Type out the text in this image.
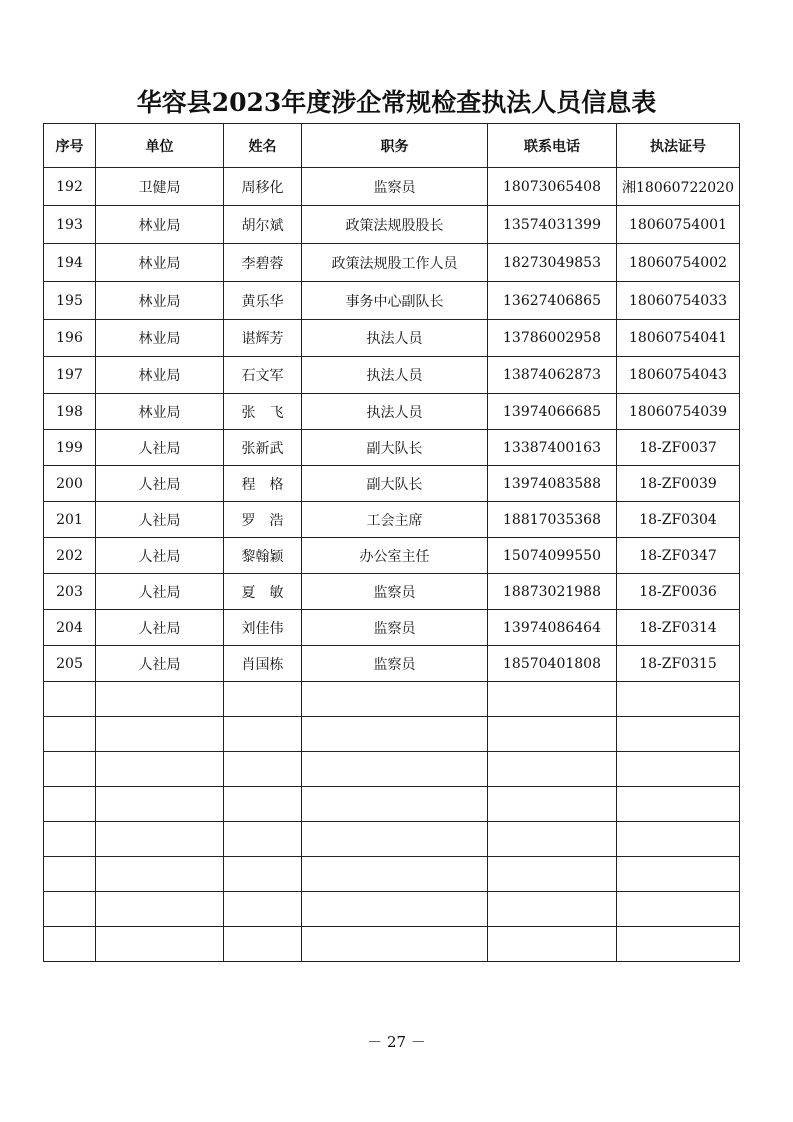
华容县2023年度涉企常规检查执法人员信息表
序号	单位	姓名	职务	联系电话	执法证号
192	卫健局	周移化	监察员	18073065408	湘18060722020
193	林业局	胡尔斌	政策法规股股长	13574031399	18060754001
194	林业局	李碧蓉	政策法规股工作人员	18273049853	18060754002
195	林业局	黄乐华	事务中心副队长	13627406865	18060754033
196	林业局	谌辉芳	执法人员	13786002958	18060754041
197	林业局	石文军	执法人员	13874062873	18060754043
198	林业局	张　飞	执法人员	13974066685	18060754039
199	人社局	张新武	副大队长	13387400163	18-ZF0037
200	人社局	程　格	副大队长	13974083588	18-ZF0039
201	人社局	罗　浩	工会主席	18817035368	18-ZF0304
202	人社局	黎翰颖	办公室主任	15074099550	18-ZF0347
203	人社局	夏　敏	监察员	18873021988	18-ZF0036
204	人社局	刘佳伟	监察员	13974086464	18-ZF0314
205	人社局	肖国栋	监察员	18570401808	18-ZF0315

－ 27 －
